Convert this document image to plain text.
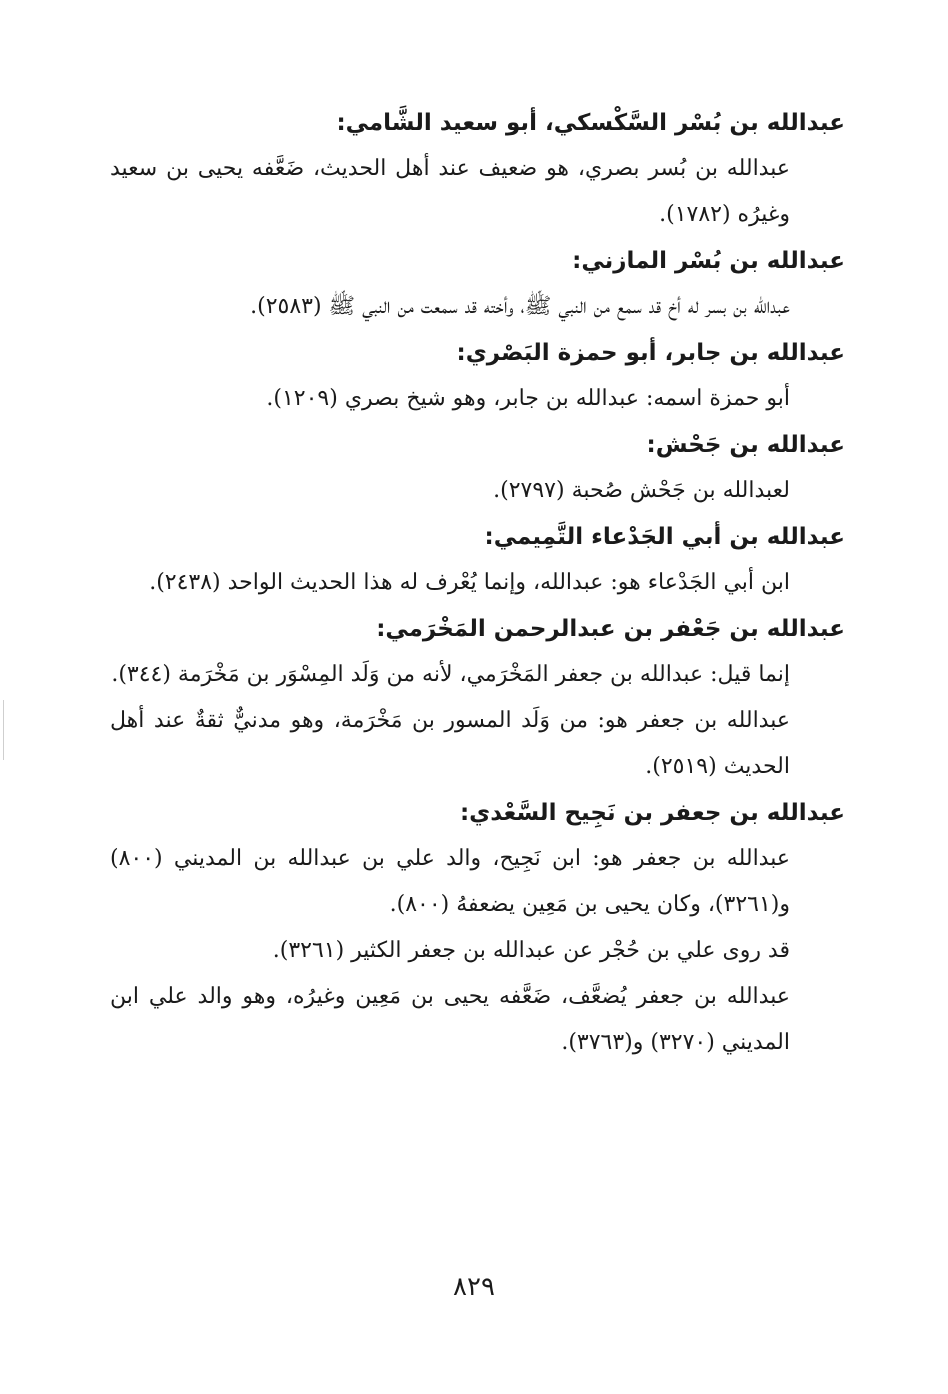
عبدالله بن بُسْر السَّكْسكي، أبو سعيد الشَّامي:

عبدالله بن بُسر بصري، هو ضعيف عند أهل الحديث، ضَعَّفه يحيى بن سعيد وغيرُه (١٧٨٢).

عبدالله بن بُسْر المازني:

عبدالله بن بسر له أخ قد سمع من النبي ﷺ، وأخته قد سمعت من النبي ﷺ (٢٥٨٣).

عبدالله بن جابر، أبو حمزة البَصْري:

أبو حمزة اسمه: عبدالله بن جابر، وهو شيخ بصري (١٢٠٩).

عبدالله بن جَحْش:

لعبدالله بن جَحْش صُحبة (٢٧٩٧).

عبدالله بن أبي الجَدْعاء التَّمِيمي:

ابن أبي الجَدْعاء هو: عبدالله، وإنما يُعْرف له هذا الحديث الواحد (٢٤٣٨).

عبدالله بن جَعْفر بن عبدالرحمن المَخْرَمي:

إنما قيل: عبدالله بن جعفر المَخْرَمي، لأنه من وَلَد المِسْوَر بن مَخْرَمة (٣٤٤).

عبدالله بن جعفر هو: من وَلَد المسور بن مَخْرَمة، وهو مدنيٌّ ثقةٌ عند أهل الحديث (٢٥١٩).

عبدالله بن جعفر بن نَجِيح السَّعْدي:

عبدالله بن جعفر هو: ابن نَجِيح، والد علي بن عبدالله بن المديني (٨٠٠) و(٣٢٦١)، وكان يحيى بن مَعِين يضعفهُ (٨٠٠).

قد روى علي بن حُجْر عن عبدالله بن جعفر الكثير (٣٢٦١).

عبدالله بن جعفر يُضعَّف، ضَعَّفه يحيى بن مَعِين وغيرُه، وهو والد علي ابن المديني (٣٢٧٠) و(٣٧٦٣).

٨٢٩
